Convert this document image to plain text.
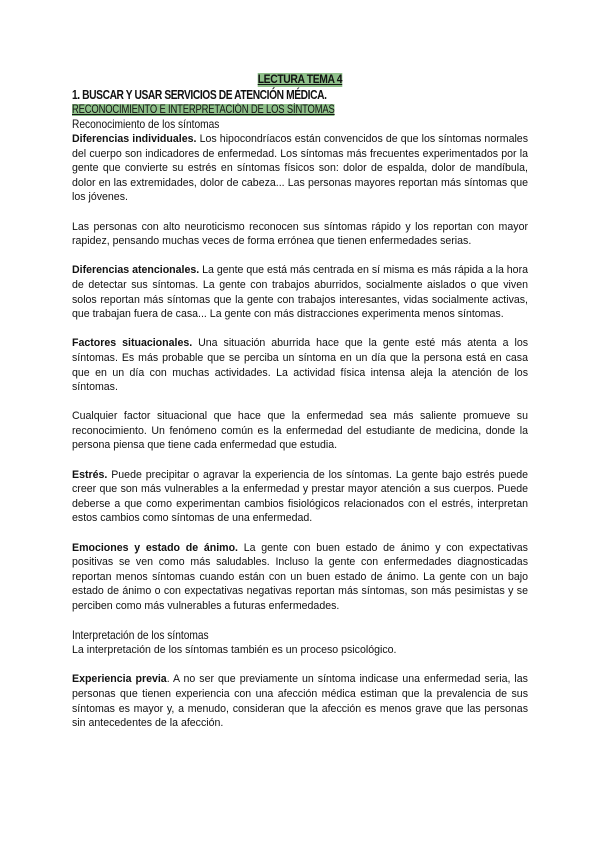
LECTURA TEMA 4
1. BUSCAR Y USAR SERVICIOS DE ATENCIÓN MÉDICA.
RECONOCIMIENTO E INTERPRETACIÓN DE LOS SÍNTOMAS
Reconocimiento de los síntomas

Diferencias individuales. Los hipocondríacos están convencidos de que los síntomas normales del cuerpo son indicadores de enfermedad. Los síntomas más frecuentes experimentados por la gente que convierte su estrés en síntomas físicos son: dolor de espalda, dolor de mandíbula, dolor en las extremidades, dolor de cabeza... Las personas mayores reportan más síntomas que los jóvenes.

Las personas con alto neuroticismo reconocen sus síntomas rápido y los reportan con mayor rapidez, pensando muchas veces de forma errónea que tienen enfermedades serias.

Diferencias atencionales. La gente que está más centrada en sí misma es más rápida a la hora de detectar sus síntomas. La gente con trabajos aburridos, socialmente aislados o que viven solos reportan más síntomas que la gente con trabajos interesantes, vidas socialmente activas, que trabajan fuera de casa... La gente con más distracciones experimenta menos síntomas.

Factores situacionales. Una situación aburrida hace que la gente esté más atenta a los síntomas. Es más probable que se perciba un síntoma en un día que la persona está en casa que en un día con muchas actividades. La actividad física intensa aleja la atención de los síntomas.

Cualquier factor situacional que hace que la enfermedad sea más saliente promueve su reconocimiento. Un fenómeno común es la enfermedad del estudiante de medicina, donde la persona piensa que tiene cada enfermedad que estudia.

Estrés. Puede precipitar o agravar la experiencia de los síntomas. La gente bajo estrés puede creer que son más vulnerables a la enfermedad y prestar mayor atención a sus cuerpos. Puede deberse a que como experimentan cambios fisiológicos relacionados con el estrés, interpretan estos cambios como síntomas de una enfermedad.

Emociones y estado de ánimo. La gente con buen estado de ánimo y con expectativas positivas se ven como más saludables. Incluso la gente con enfermedades diagnosticadas reportan menos síntomas cuando están con un buen estado de ánimo. La gente con un bajo estado de ánimo o con expectativas negativas reportan más síntomas, son más pesimistas y se perciben como más vulnerables a futuras enfermedades.

Interpretación de los síntomas

La interpretación de los síntomas también es un proceso psicológico.

Experiencia previa. A no ser que previamente un síntoma indicase una enfermedad seria, las personas que tienen experiencia con una afección médica estiman que la prevalencia de sus síntomas es mayor y, a menudo, consideran que la afección es menos grave que las personas sin antecedentes de la afección.
